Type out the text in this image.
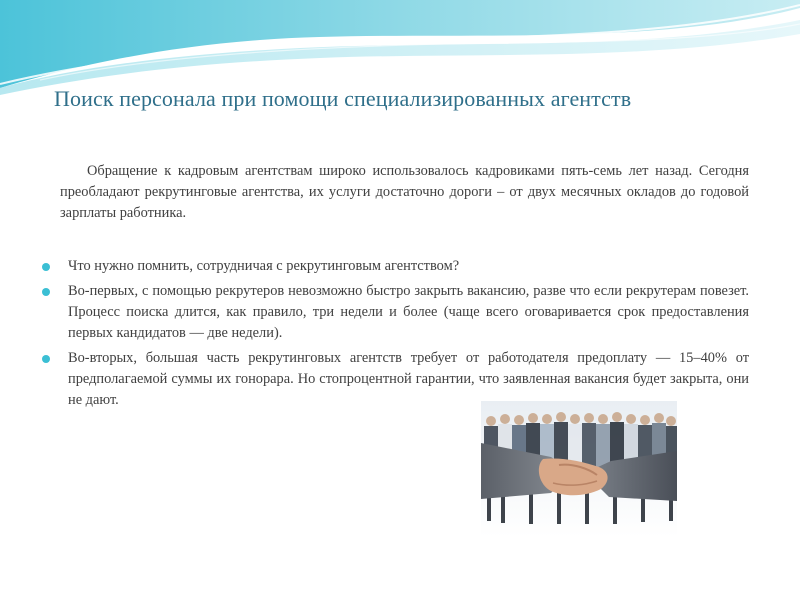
Поиск персонала при помощи специализированных агентств

Обращение к кадровым агентствам широко использовалось кадровиками пять-семь лет назад. Сегодня преобладают рекрутинговые агентства, их услуги достаточно дороги – от двух месячных окладов до годовой зарплаты работника.

Что нужно помнить, сотрудничая с рекрутинговым агентством?
Во-первых, с помощью рекрутеров невозможно быстро закрыть вакансию, разве что если рекрутерам повезет. Процесс поиска длится, как правило, три недели и более (чаще всего оговаривается срок предоставления первых кандидатов — две недели).
Во-вторых, большая часть рекрутинговых агентств требует от работодателя предоплату — 15–40% от предполагаемой суммы их гонорара. Но стопроцентной гарантии, что заявленная вакансия будет закрыта, они не дают.
